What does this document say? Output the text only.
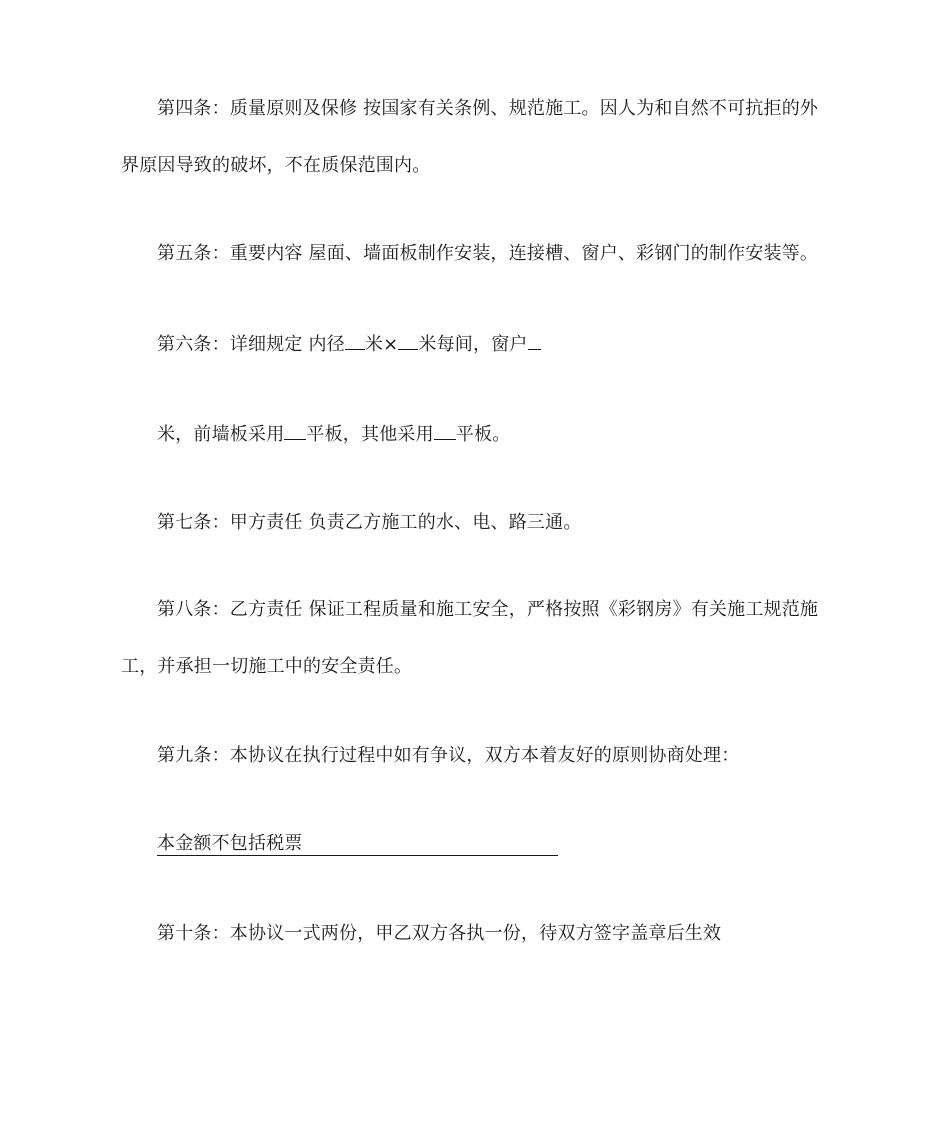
第四条：质量原则及保修 按国家有关条例、规范施工。因人为和自然不可抗拒的外
界原因导致的破坏，不在质保范围内。
第五条：重要内容 屋面、墙面板制作安装，连接槽、窗户、彩钢门的制作安装等。
第六条：详细规定 内径 米× 米每间，窗户
米，前墙板采用 平板，其他采用 平板。
第七条：甲方责任 负责乙方施工的水、电、路三通。
第八条：乙方责任 保证工程质量和施工安全，严格按照《彩钢房》有关施工规范施
工，并承担一切施工中的安全责任。
第九条：本协议在执行过程中如有争议，双方本着友好的原则协商处理：
本金额不包括税票
第十条：本协议一式两份，甲乙双方各执一份，待双方签字盖章后生效
